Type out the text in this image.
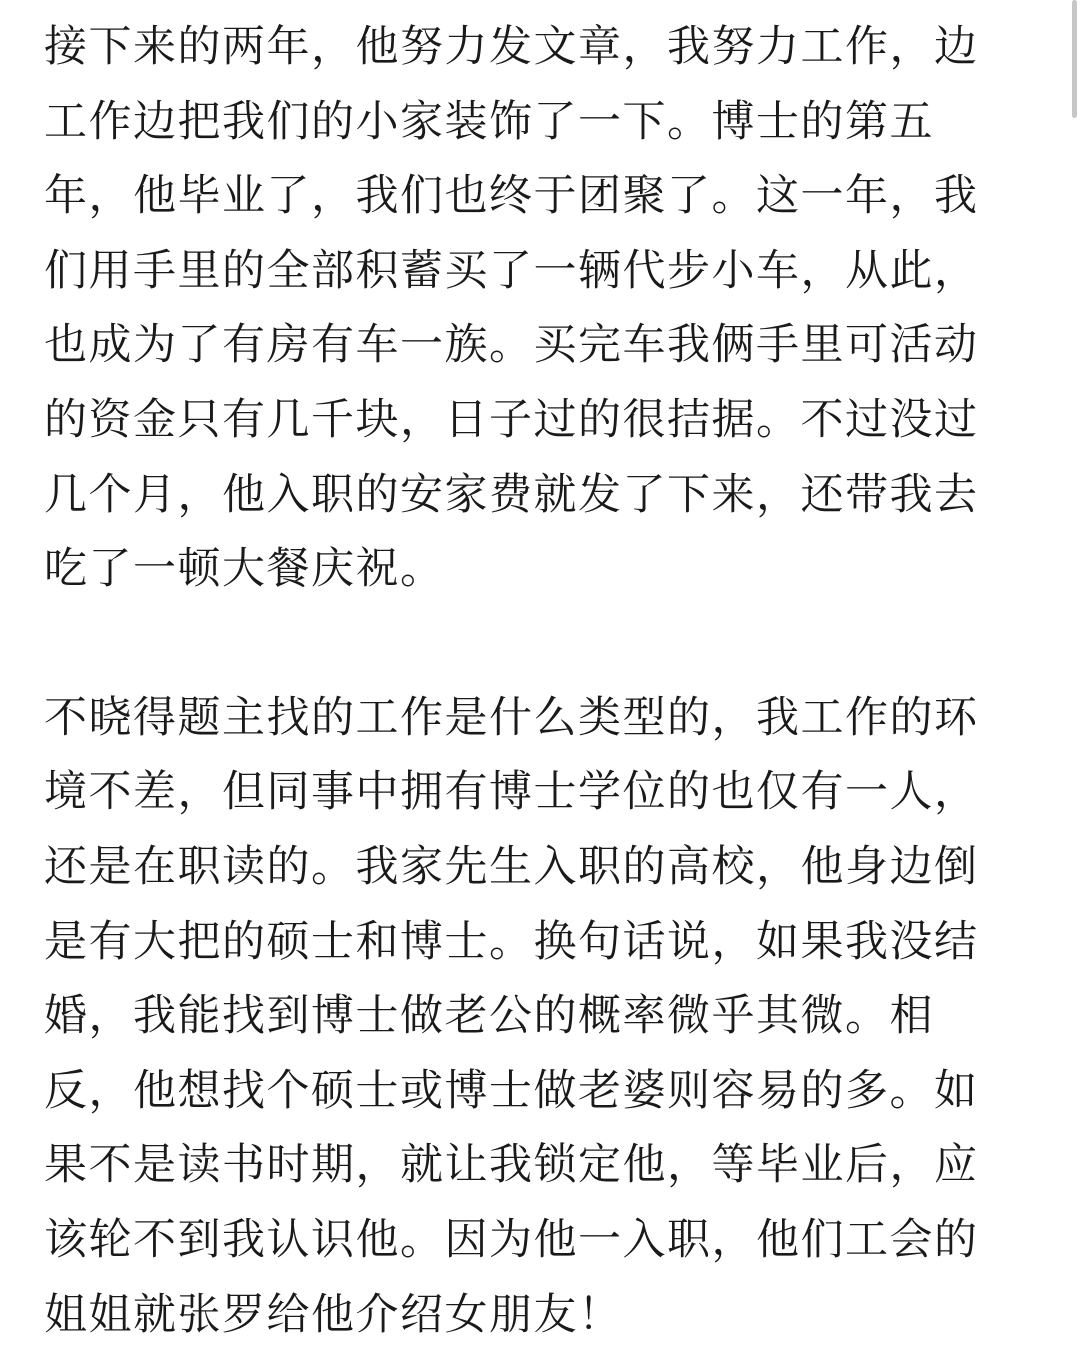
接下来的两年，他努力发文章，我努力工作，边
工作边把我们的小家装饰了一下。博士的第五
年，他毕业了，我们也终于团聚了。这一年，我
们用手里的全部积蓄买了一辆代步小车，从此，
也成为了有房有车一族。买完车我俩手里可活动
的资金只有几千块，日子过的很拮据。不过没过
几个月，他入职的安家费就发了下来，还带我去
吃了一顿大餐庆祝。

不晓得题主找的工作是什么类型的，我工作的环
境不差，但同事中拥有博士学位的也仅有一人，
还是在职读的。我家先生入职的高校，他身边倒
是有大把的硕士和博士。换句话说，如果我没结
婚，我能找到博士做老公的概率微乎其微。相
反，他想找个硕士或博士做老婆则容易的多。如
果不是读书时期，就让我锁定他，等毕业后，应
该轮不到我认识他。因为他一入职，他们工会的
姐姐就张罗给他介绍女朋友！
